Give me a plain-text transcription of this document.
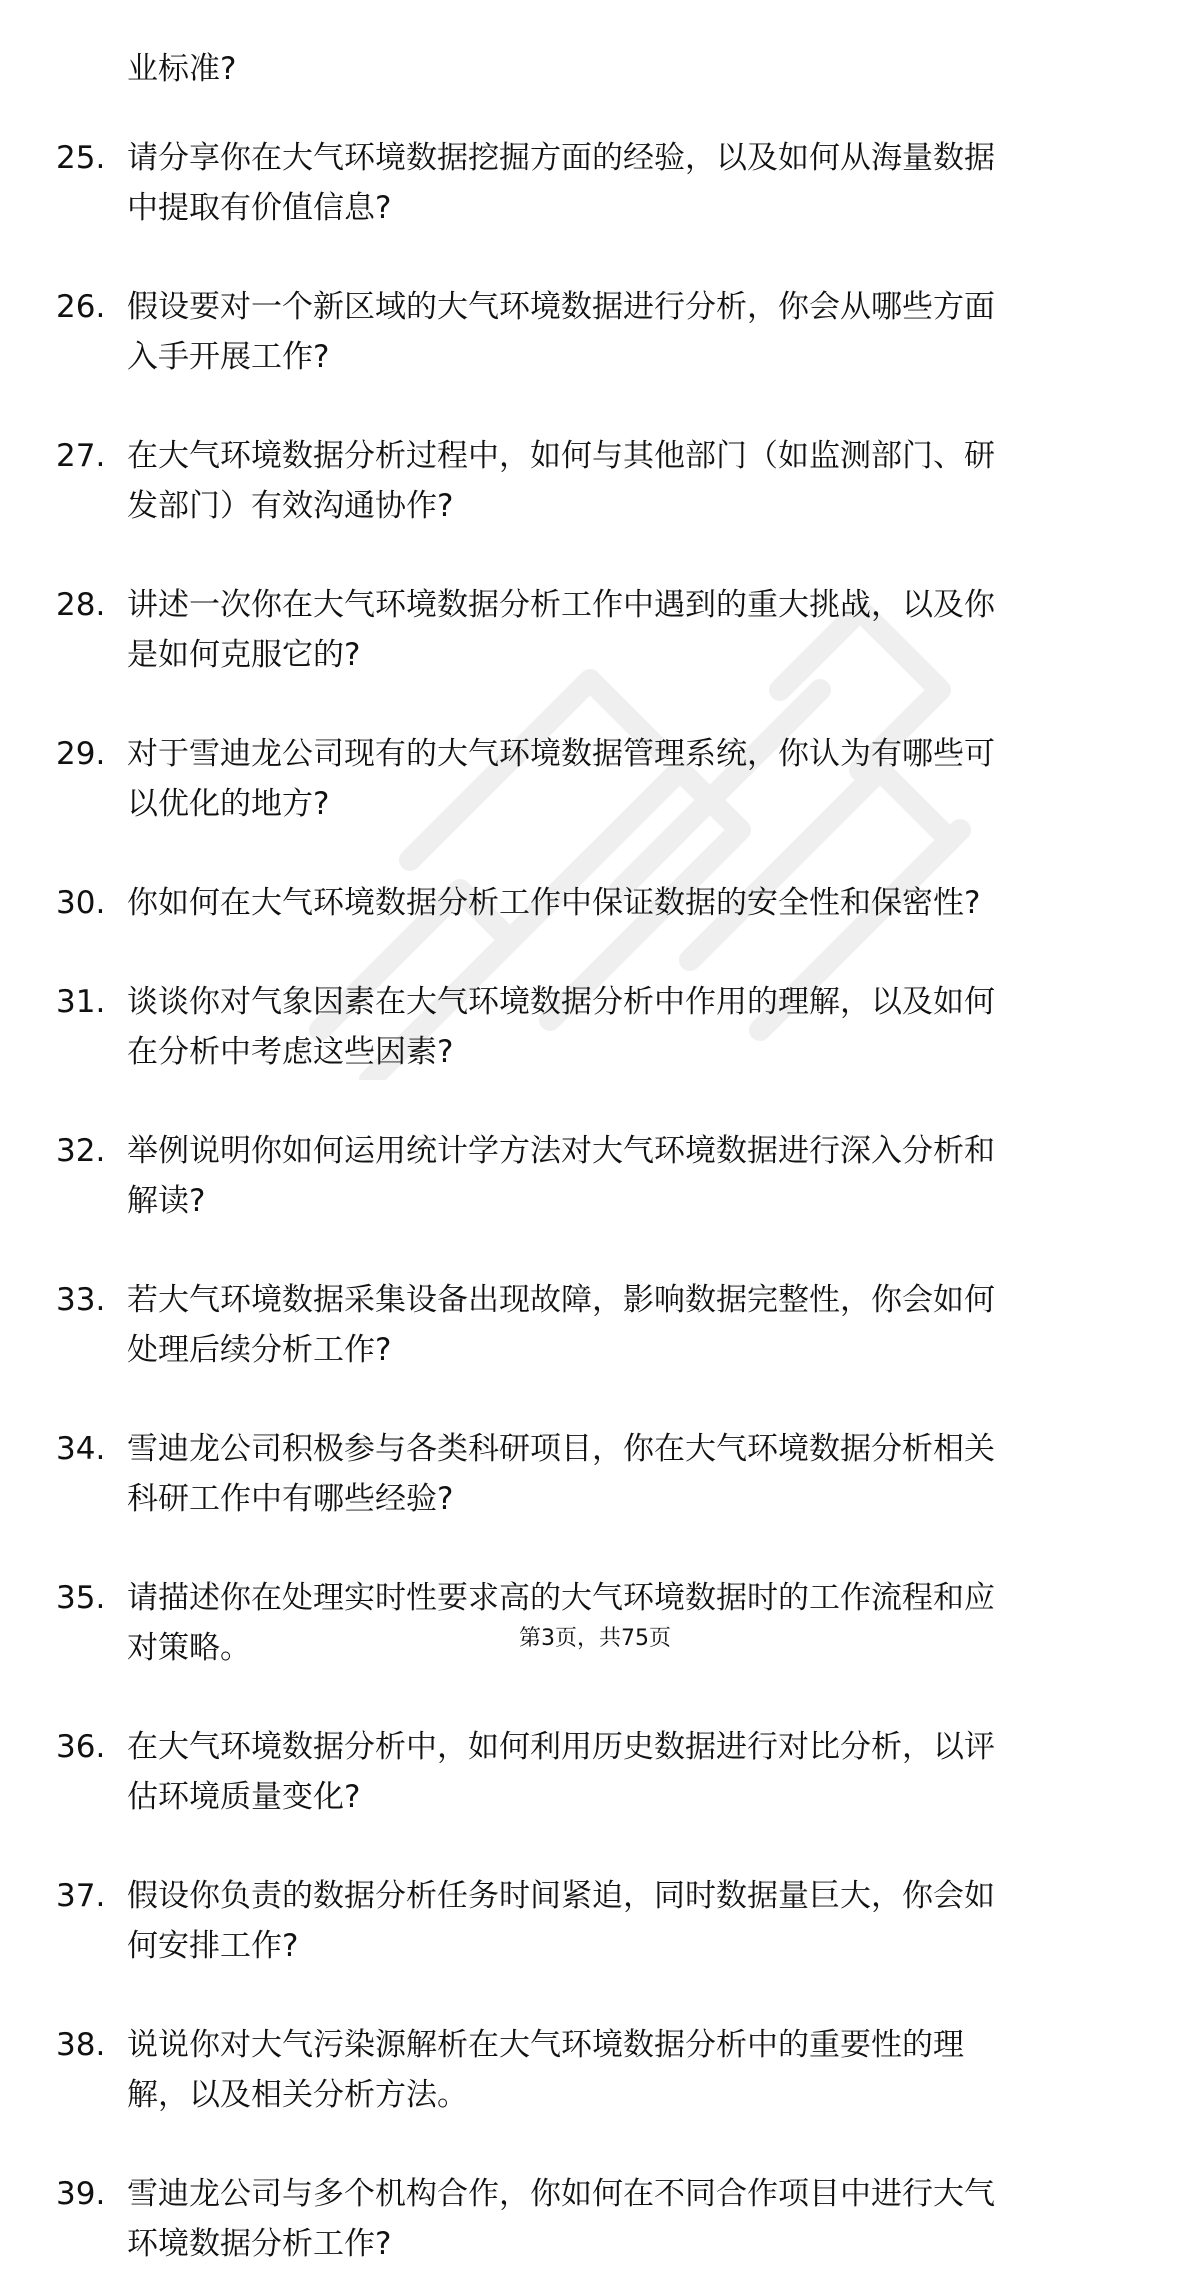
业标准?
25. 请分享你在大气环境数据挖掘方面的经验，以及如何从海量数据
中提取有价值信息?
26. 假设要对一个新区域的大气环境数据进行分析，你会从哪些方面
入手开展工作?
27. 在大气环境数据分析过程中，如何与其他部门（如监测部门、研
发部门）有效沟通协作?
28. 讲述一次你在大气环境数据分析工作中遇到的重大挑战，以及你
是如何克服它的?
29. 对于雪迪龙公司现有的大气环境数据管理系统，你认为有哪些可
以优化的地方?
30. 你如何在大气环境数据分析工作中保证数据的安全性和保密性?
31. 谈谈你对气象因素在大气环境数据分析中作用的理解，以及如何
在分析中考虑这些因素?
32. 举例说明你如何运用统计学方法对大气环境数据进行深入分析和
解读?
33. 若大气环境数据采集设备出现故障，影响数据完整性，你会如何
处理后续分析工作?
34. 雪迪龙公司积极参与各类科研项目，你在大气环境数据分析相关
科研工作中有哪些经验?
35. 请描述你在处理实时性要求高的大气环境数据时的工作流程和应
对策略。
36. 在大气环境数据分析中，如何利用历史数据进行对比分析，以评
估环境质量变化?
37. 假设你负责的数据分析任务时间紧迫，同时数据量巨大，你会如
何安排工作?
38. 说说你对大气污染源解析在大气环境数据分析中的重要性的理
解，以及相关分析方法。
39. 雪迪龙公司与多个机构合作，你如何在不同合作项目中进行大气
环境数据分析工作?
第3页，共75页
